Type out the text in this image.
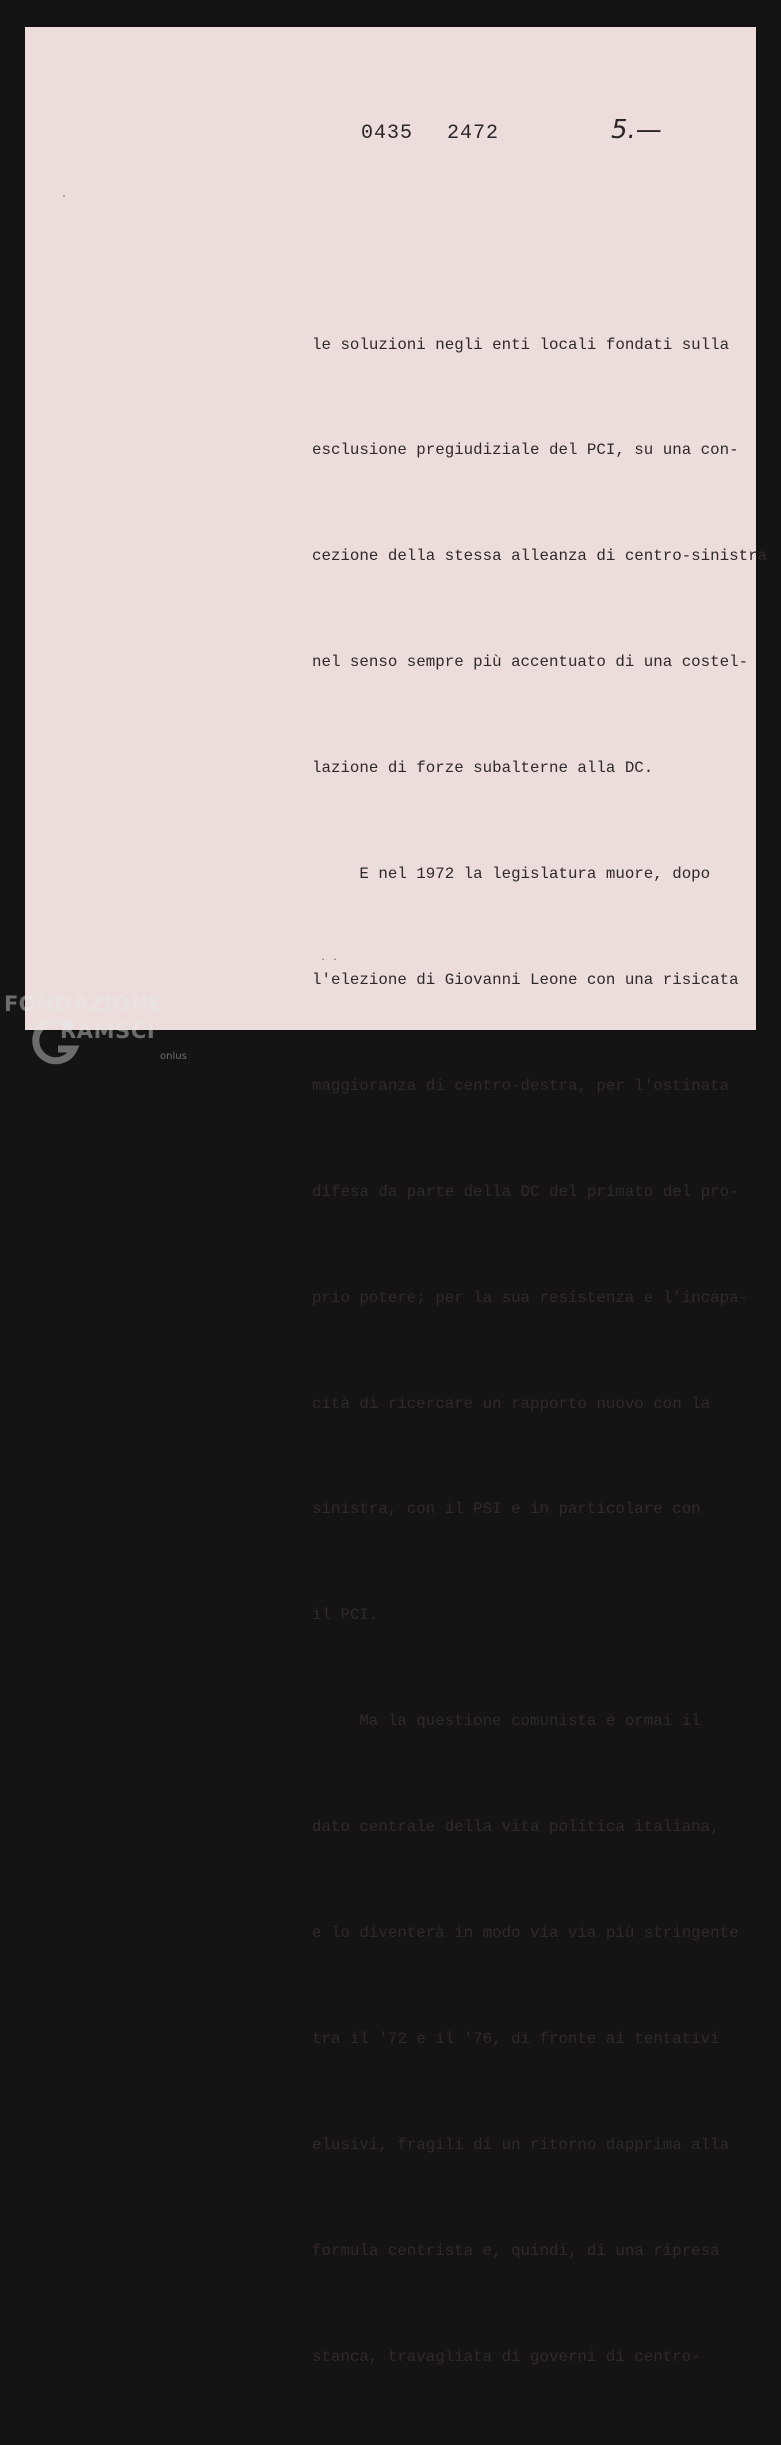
0435 2472	5.—

le soluzioni negli enti locali fondati sulla

esclusione pregiudiziale del PCI, su una con-

cezione della stessa alleanza di centro-sinistra

nel senso sempre più accentuato di una costel-

lazione di forze subalterne alla DC.

E nel 1972 la legislatura muore, dopo

l'elezione di Giovanni Leone con una risicata

maggioranza di centro-destra, per l'ostinata

difesa da parte della DC del primato del pro-

prio potere; per la sua resistenza e l'incapa-

cità di ricercare un rapporto nuovo con la

sinistra, con il PSI e in particolare con

il PCI.

Ma la questione comunista è ormai il

dato centrale della vita politica italiana,

e lo diventerà in modo via via più stringente

tra il '72 e il '76, di fronte ai tentativi

elusivi, fragili di un ritorno dapprima alla

formula centrista e, quindi, di una ripresa

stanca, travagliata di governi di centro-

· ·
·
FONDAZIONE
RAMSCI
onlus
